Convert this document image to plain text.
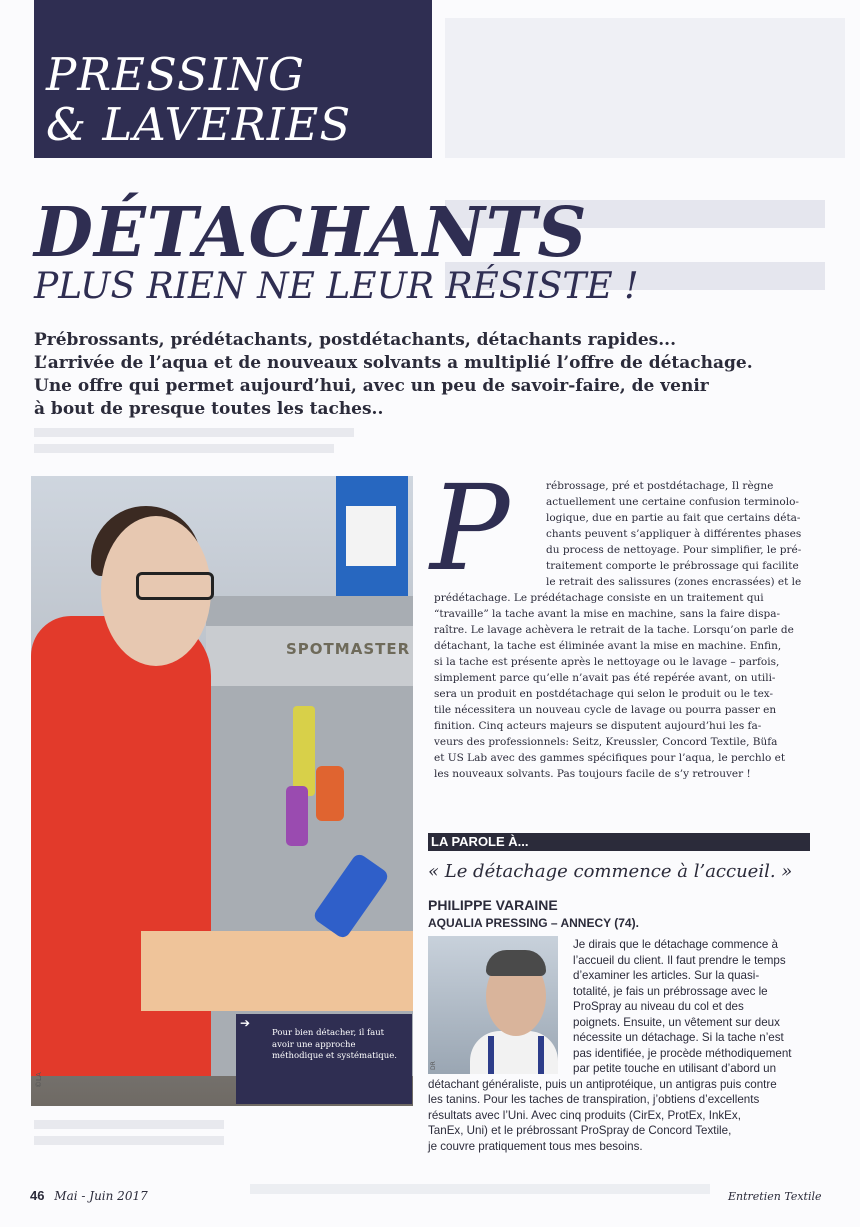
PRESSING
& LAVERIES
DÉTACHANTS
PLUS RIEN NE LEUR RÉSISTE !
Prébrossants, prédétachants, postdétachants, détachants rapides...
L’arrivée de l’aqua et de nouveaux solvants a multiplié l’offre de détachage.
Une offre qui permet aujourd’hui, avec un peu de savoir-faire, de venir
à bout de presque toutes les taches..
SPOTMASTER
©LA
➔
Pour bien détacher, il faut avoir une approche méthodique et systématique.
P	rébrossage, pré et postdétachage, Il règne
actuellement une certaine confusion terminolo-
logique, due en partie au fait que certains déta-
chants peuvent s’appliquer à différentes phases
du process de nettoyage. Pour simplifier, le pré-
traitement comporte le prébrossage qui facilite
le retrait des salissures (zones encrassées) et le
prédétachage. Le prédétachage consiste en un traitement qui
“travaille” la tache avant la mise en machine, sans la faire dispa-
raître. Le lavage achèvera le retrait de la tache. Lorsqu’on parle de
détachant, la tache est éliminée avant la mise en machine. Enfin,
si la tache est présente après le nettoyage ou le lavage – parfois,
simplement parce qu’elle n’avait pas été repérée avant, on utili-
sera un produit en postdétachage qui selon le produit ou le tex-
tile nécessitera un nouveau cycle de lavage ou pourra passer en
finition. Cinq acteurs majeurs se disputent aujourd’hui les fa-
veurs des professionnels: Seitz, Kreussler, Concord Textile, Büfa
et US Lab avec des gammes spécifiques pour l’aqua, le perchlo et
les nouveaux solvants. Pas toujours facile de s’y retrouver !
LA PAROLE À...
« Le détachage commence à l’accueil. »
PHILIPPE VARAINE
AQUALIA PRESSING – ANNECY (74).
DR
Je dirais que le détachage commence à
l’accueil du client. Il faut prendre le temps
d’examiner les articles. Sur la quasi-
totalité, je fais un prébrossage avec le
ProSpray au niveau du col et des
poignets. Ensuite, un vêtement sur deux
nécessite un détachage. Si la tache n’est
pas identifiée, je procède méthodiquement
par petite touche en utilisant d’abord un
détachant généraliste, puis un antiprotéique, un antigras puis contre
les tanins. Pour les taches de transpiration, j’obtiens d’excellents
résultats avec l’Uni. Avec cinq produits (CirEx, ProtEx, InkEx,
TanEx, Uni) et le prébrossant ProSpray de Concord Textile,
je couvre pratiquement tous mes besoins.
46 Mai - Juin 2017	Entretien Textile
